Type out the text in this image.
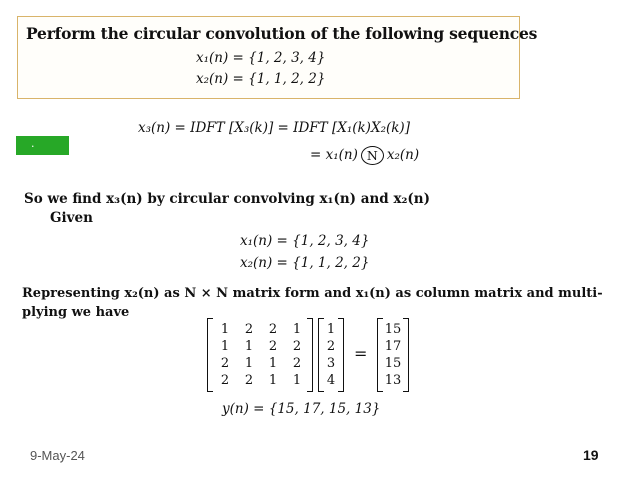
Perform the circular convolution of the following sequences
x₁(n) = {1, 2, 3, 4}
x₂(n) = {1, 1, 2, 2}
.
x₃(n) = IDFT [X₃(k)] = IDFT [X₁(k)X₂(k)]
= x₁(n) N x₂(n)
So we find x₃(n) by circular convolving x₁(n) and x₂(n)
Given
x₁(n) = {1, 2, 3, 4}
x₂(n) = {1, 1, 2, 2}
Representing x₂(n) as N × N matrix form and x₁(n) as column matrix and multi-
plying we have
1	2	2	1
1	1	2	2
2	1	1	2
2	2	1	1
1
2
3
4
=
15
17
15
13
y(n) = {15, 17, 15, 13}
9-May-24	19
